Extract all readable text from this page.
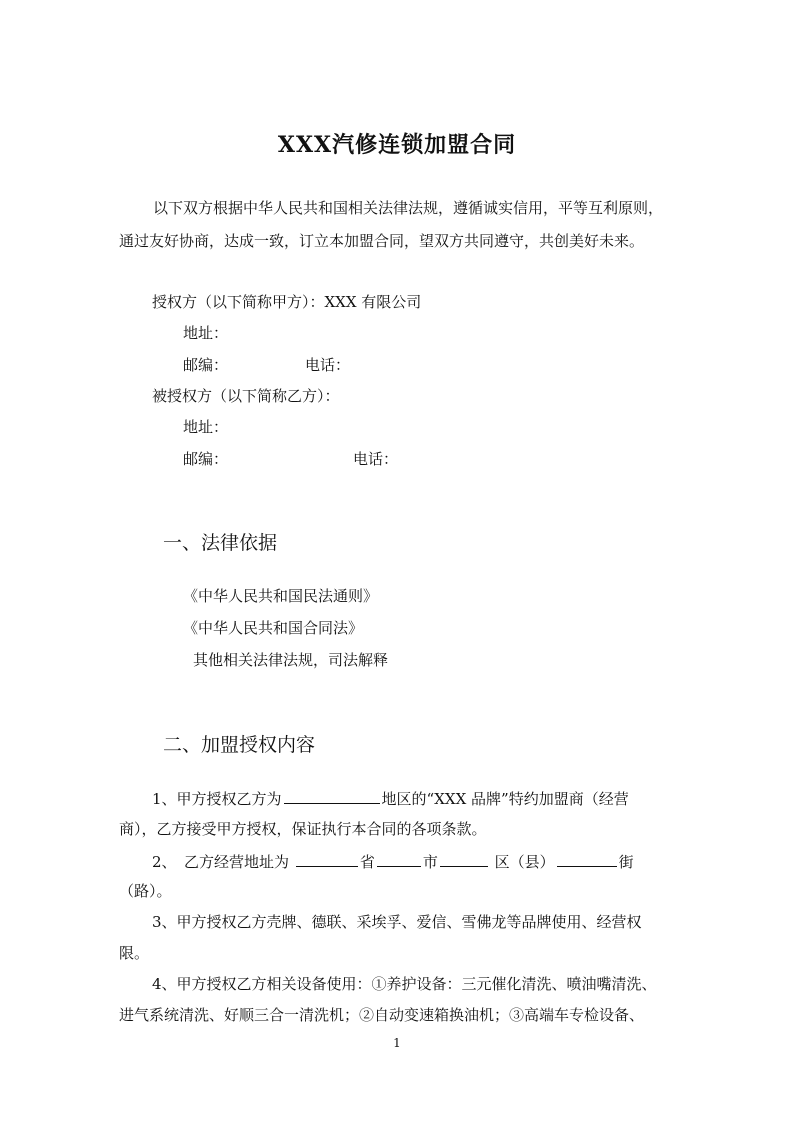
XXX汽修连锁加盟合同
以下双方根据中华人民共和国相关法律法规，遵循诚实信用，平等互利原则，
通过友好协商，达成一致，订立本加盟合同，望双方共同遵守，共创美好未来。
授权方（以下简称甲方）：XXX 有限公司
地址：
邮编：	电话：
被授权方（以下简称乙方）：
地址：
邮编：	电话：
一、法律依据
《中华人民共和国民法通则》
《中华人民共和国合同法》
其他相关法律法规，司法解释
二、加盟授权内容
1、甲方授权乙方为	地区的“XXX 品牌”特约加盟商（经营
商），乙方接受甲方授权，保证执行本合同的各项条款。
2、　乙方经营地址为	省	市	区（县）	街
（路）。
3、甲方授权乙方壳牌、德联、采埃孚、爱信、雪佛龙等品牌使用、经营权
限。
4、甲方授权乙方相关设备使用：①养护设备：三元催化清洗、喷油嘴清洗、
进气系统清洗、好顺三合一清洗机；②自动变速箱换油机；③高端车专检设备、
1
